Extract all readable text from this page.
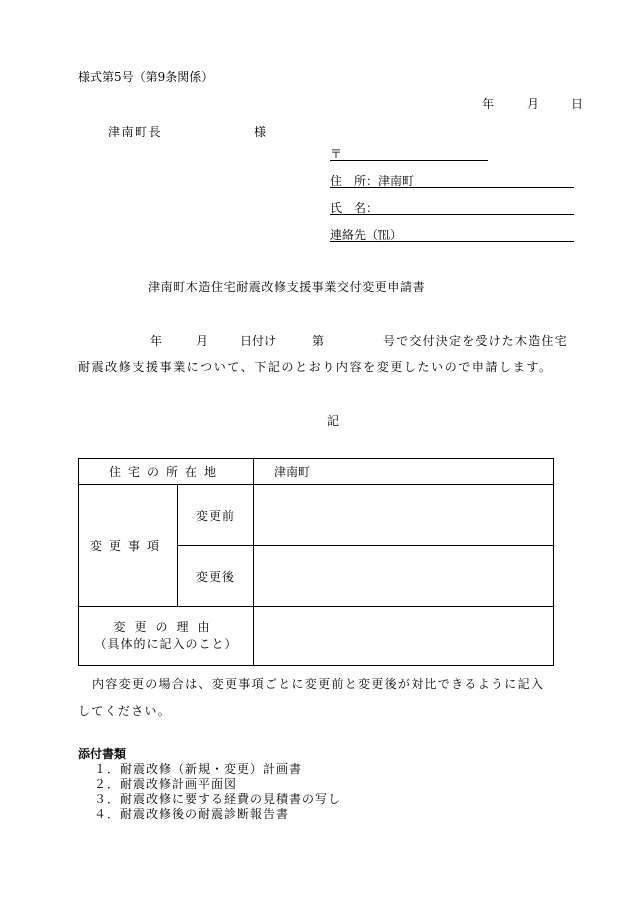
様式第5号（第9条関係）
年	月	日
津南町長	様
〒
住　所：津南町
氏　名：
連絡先（℡）
津南町木造住宅耐震改修支援事業交付変更申請書
年	月	日付け	第	号で交付決定を受けた木造住宅
耐震改修支援事業について、下記のとおり内容を変更したいので申請します。
記
住宅の所在地		津南町
変更事項	変更前	
	変更後	

変更の理由
（具体的に記入のこと）		

内容変更の場合は、変更事項ごとに変更前と変更後が対比できるように記入
してください。
添付書類
１．耐震改修（新規・変更）計画書
２．耐震改修計画平面図
３．耐震改修に要する経費の見積書の写し
４．耐震改修後の耐震診断報告書
